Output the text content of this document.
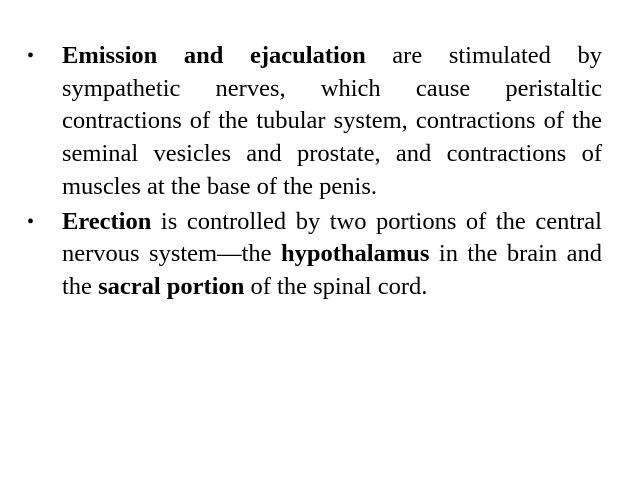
•	Emission and ejaculation are stimulated by sympathetic nerves, which cause peristaltic contractions of the tubular system, contractions of the seminal vesicles and prostate, and contractions of muscles at the base of the penis.
•	Erection is controlled by two portions of the central nervous system—the hypothalamus in the brain and the sacral portion of the spinal cord.
